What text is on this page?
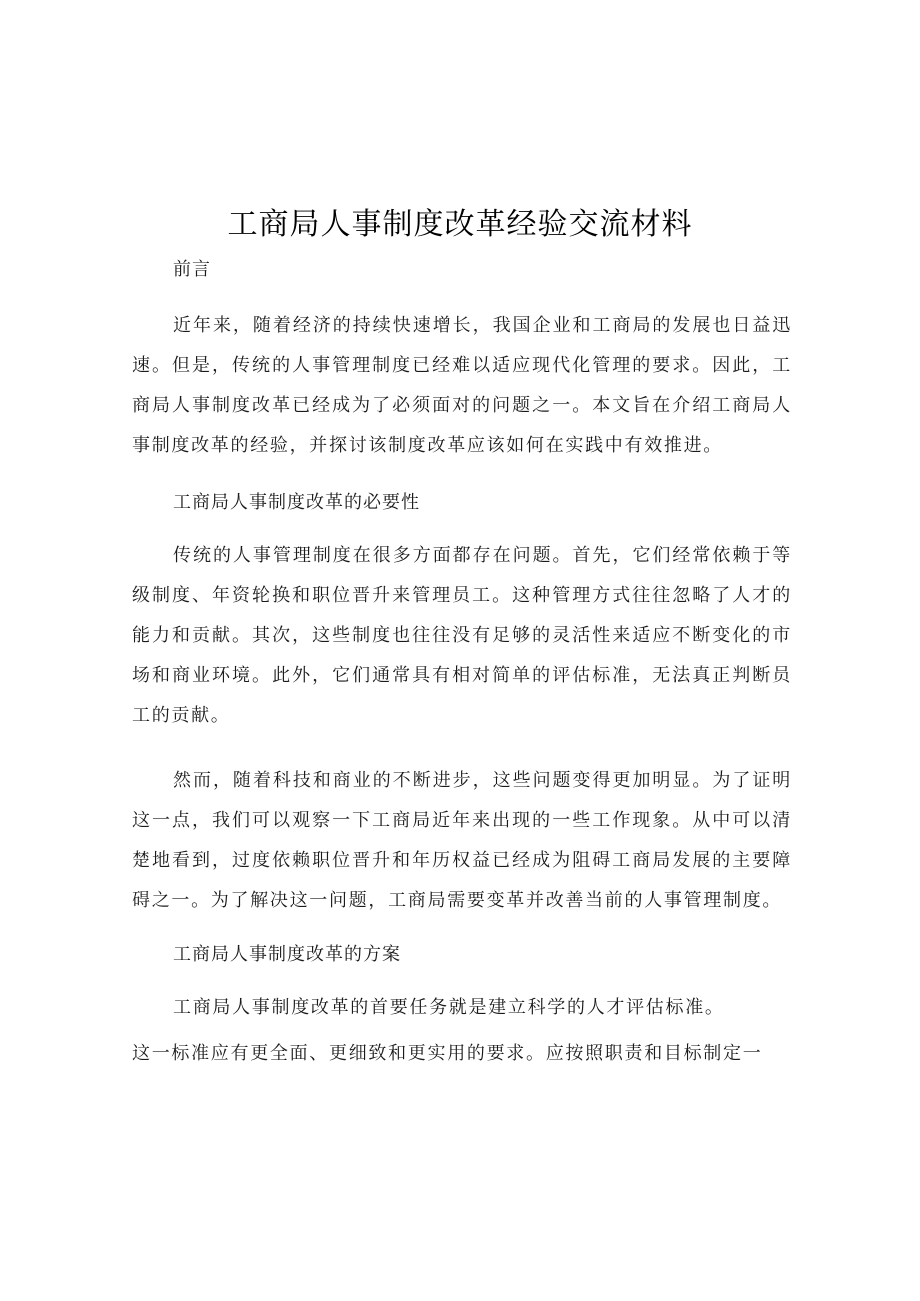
工商局人事制度改革经验交流材料
前言
近年来，随着经济的持续快速增长，我国企业和工商局的发展也日益迅速。但是，传统的人事管理制度已经难以适应现代化管理的要求。因此，工商局人事制度改革已经成为了必须面对的问题之一。本文旨在介绍工商局人事制度改革的经验，并探讨该制度改革应该如何在实践中有效推进。
工商局人事制度改革的必要性
传统的人事管理制度在很多方面都存在问题。首先，它们经常依赖于等级制度、年资轮换和职位晋升来管理员工。这种管理方式往往忽略了人才的能力和贡献。其次，这些制度也往往没有足够的灵活性来适应不断变化的市场和商业环境。此外，它们通常具有相对简单的评估标准，无法真正判断员工的贡献。
然而，随着科技和商业的不断进步，这些问题变得更加明显。为了证明这一点，我们可以观察一下工商局近年来出现的一些工作现象。从中可以清楚地看到，过度依赖职位晋升和年历权益已经成为阻碍工商局发展的主要障碍之一。为了解决这一问题，工商局需要变革并改善当前的人事管理制度。
工商局人事制度改革的方案
工商局人事制度改革的首要任务就是建立科学的人才评估标准。
这一标准应有更全面、更细致和更实用的要求。应按照职责和目标制定一
